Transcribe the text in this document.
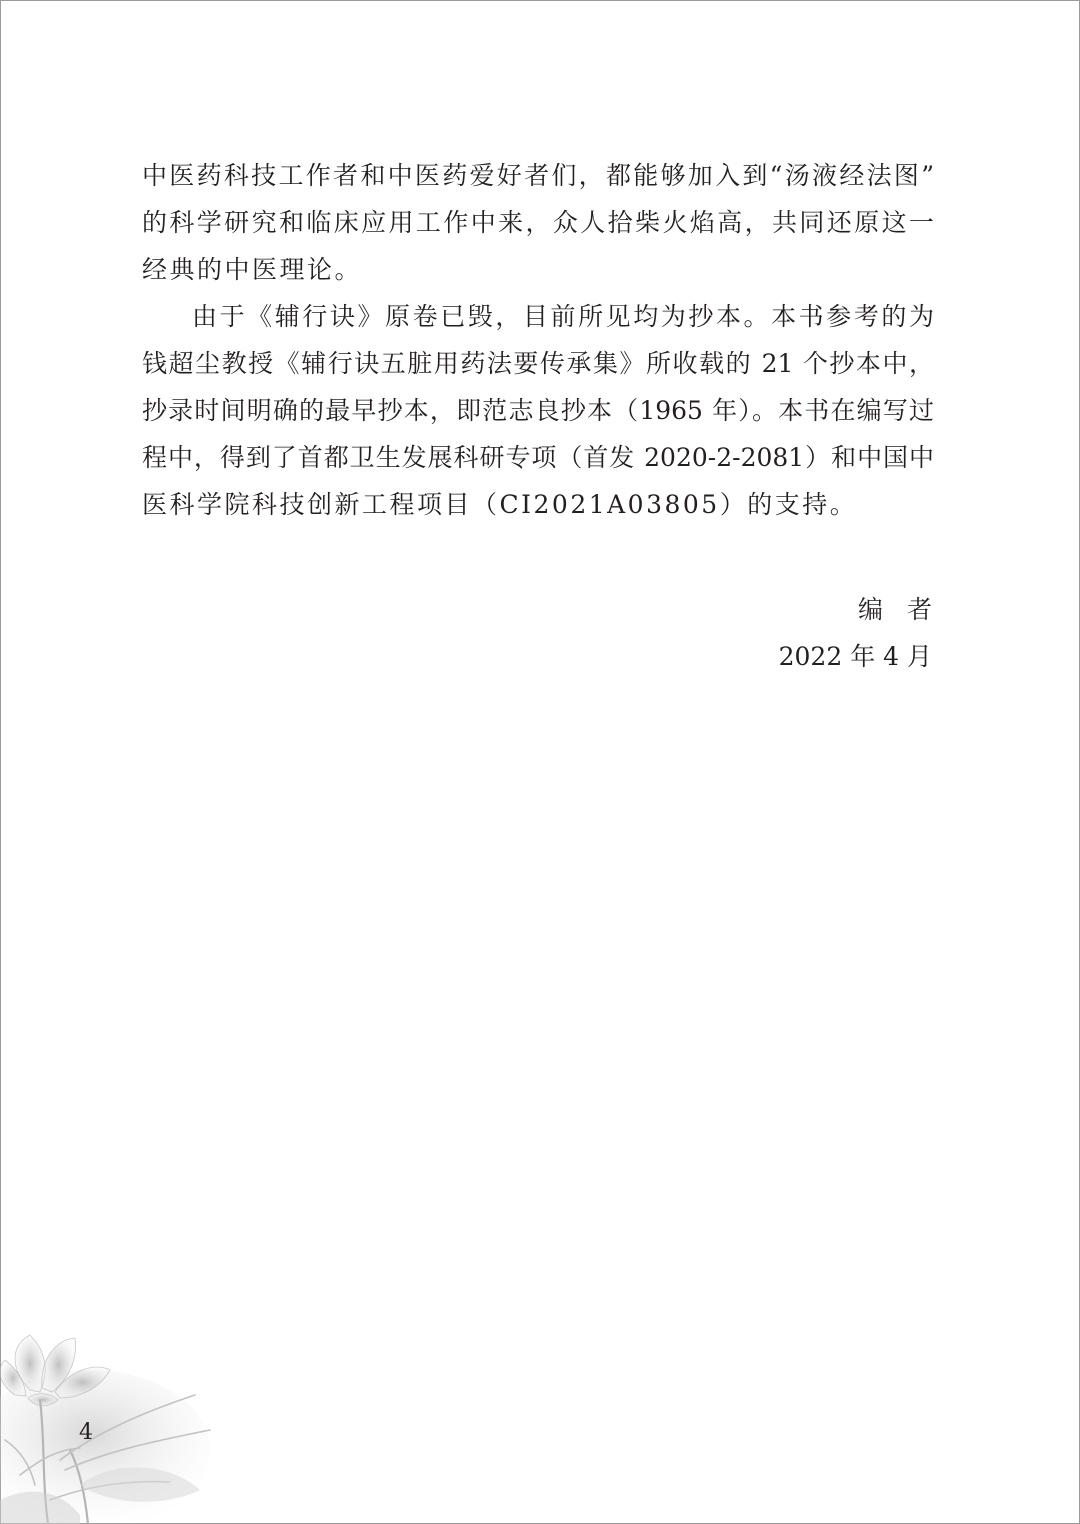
中医药科技工作者和中医药爱好者们，都能够加入到“汤液经法图”
的科学研究和临床应用工作中来，众人拾柴火焰高，共同还原这一
经典的中医理论。
由于《辅行诀》原卷已毁，目前所见均为抄本。本书参考的为
钱超尘教授《辅行诀五脏用药法要传承集》所收载的 21 个抄本中，
抄录时间明确的最早抄本，即范志良抄本（1965 年）。本书在编写过
程中，得到了首都卫生发展科研专项（首发 2020-2-2081）和中国中
医科学院科技创新工程项目（CI2021A03805）的支持。
编者
2022 年 4 月
4
